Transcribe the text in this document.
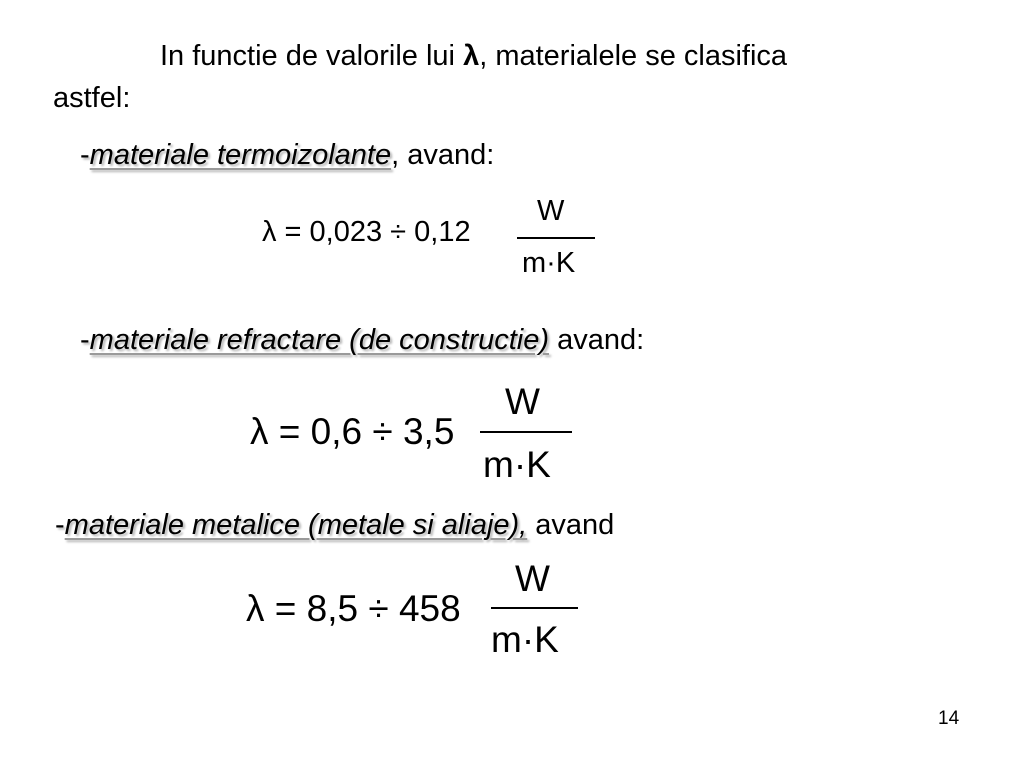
In functie de valorile lui λ, materialele se clasifica
astfel:
-materiale termoizolante, avand:
λ = 0,023 ÷ 0,12
W
m·K
-materiale refractare (de constructie) avand:
λ = 0,6 ÷ 3,5
W
m·K
-materiale metalice (metale si aliaje), avand
λ = 8,5 ÷ 458
W
m·K
14
